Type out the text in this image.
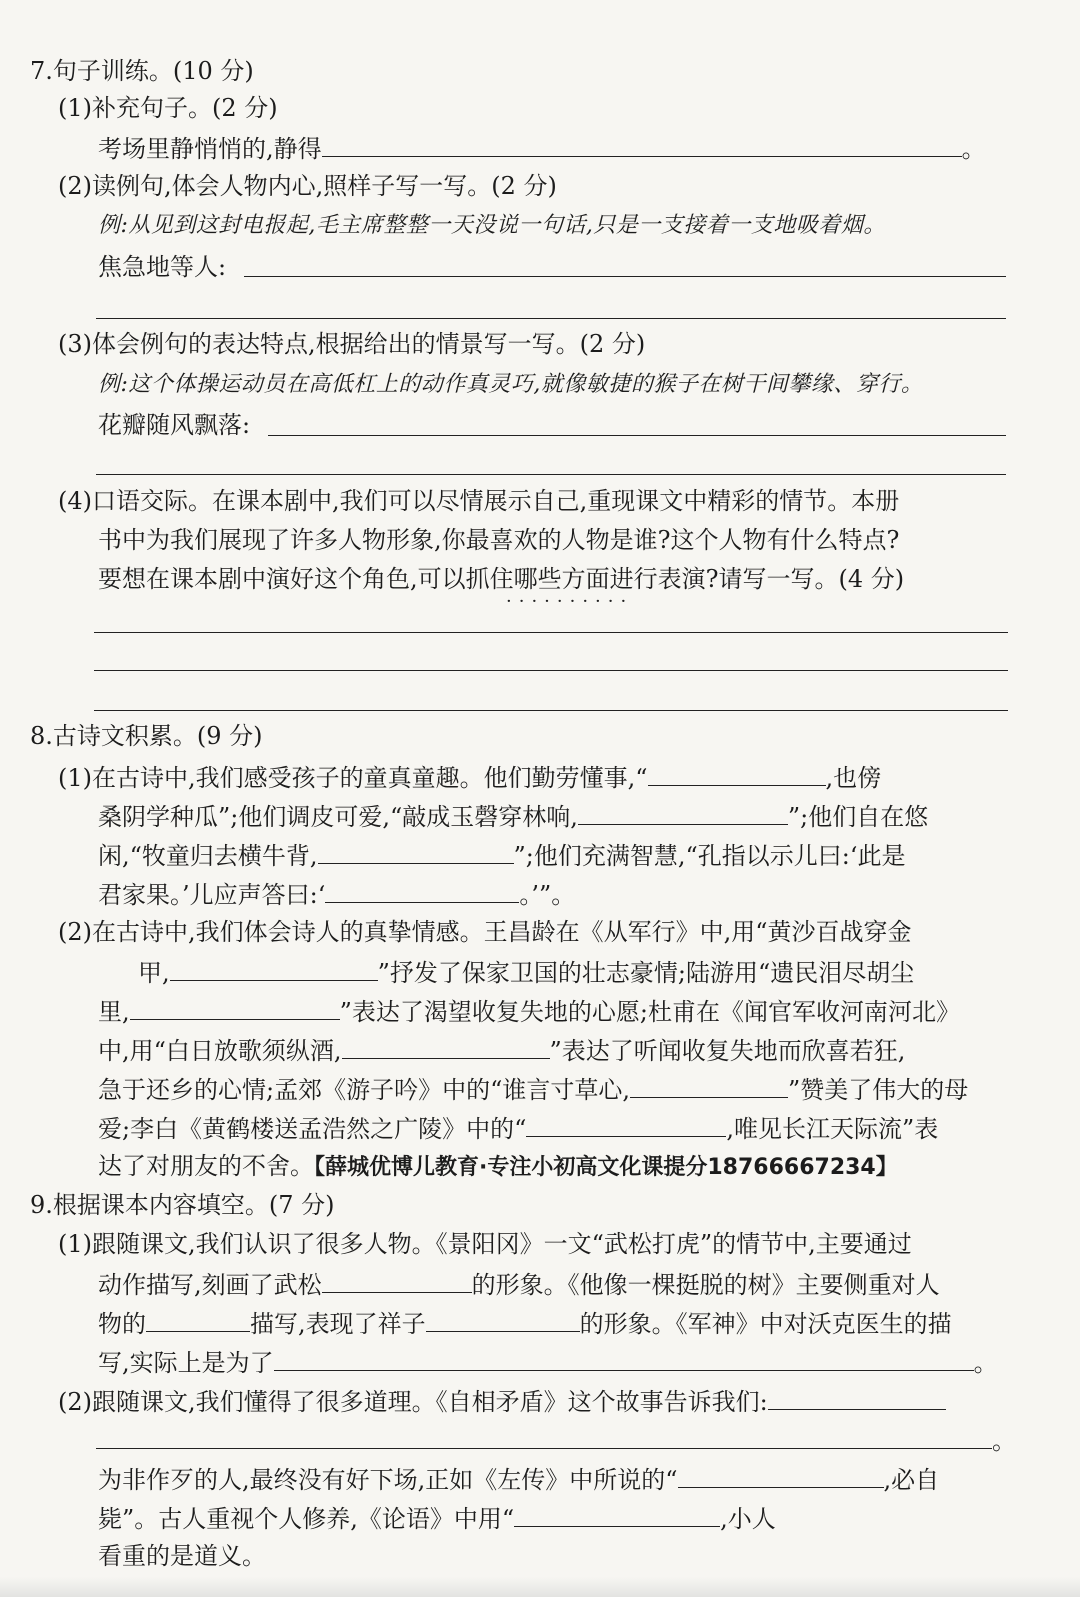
7.句子训练。(10 分)
(1)补充句子。(2 分)
考场里静悄悄的,静得	。
(2)读例句,体会人物内心,照样子写一写。(2 分)
例:从见到这封电报起,毛主席整整一天没说一句话,只是一支接着一支地吸着烟。
焦急地等人:
(3)体会例句的表达特点,根据给出的情景写一写。(2 分)
例:这个体操运动员在高低杠上的动作真灵巧,就像敏捷的猴子在树干间攀缘、穿行。
花瓣随风飘落:
(4)口语交际。在课本剧中,我们可以尽情展示自己,重现课文中精彩的情节。本册
书中为我们展现了许多人物形象,你最喜欢的人物是谁?这个人物有什么特点?
要想在课本剧中演好这个角色,可以抓住哪些方面进行表演?请写一写。(4 分)
··········
8.古诗文积累。(9 分)
(1)在古诗中,我们感受孩子的童真童趣。他们勤劳懂事,“	,也傍
桑阴学种瓜”;他们调皮可爱,“敲成玉磬穿林响,	”;他们自在悠
闲,“牧童归去横牛背,	”;他们充满智慧,“孔指以示儿曰:‘此是
君家果。’儿应声答曰:‘	。’”。
(2)在古诗中,我们体会诗人的真挚情感。王昌龄在《从军行》中,用“黄沙百战穿金
甲,	”抒发了保家卫国的壮志豪情;陆游用“遗民泪尽胡尘
里,	”表达了渴望收复失地的心愿;杜甫在《闻官军收河南河北》
中,用“白日放歌须纵酒,	”表达了听闻收复失地而欣喜若狂,
急于还乡的心情;孟郊《游子吟》中的“谁言寸草心,	”赞美了伟大的母
爱;李白《黄鹤楼送孟浩然之广陵》中的“	,唯见长江天际流”表
达了对朋友的不舍。【薛城优博儿教育·专注小初高文化课提分18766667234】
9.根据课本内容填空。(7 分)
(1)跟随课文,我们认识了很多人物。《景阳冈》一文“武松打虎”的情节中,主要通过
动作描写,刻画了武松	的形象。《他像一棵挺脱的树》主要侧重对人
物的	描写,表现了祥子	的形象。《军神》中对沃克医生的描
写,实际上是为了	。
(2)跟随课文,我们懂得了很多道理。《自相矛盾》这个故事告诉我们:
。
为非作歹的人,最终没有好下场,正如《左传》中所说的“	,必自
毙”。古人重视个人修养,《论语》中用“	,小人
看重的是道义。
